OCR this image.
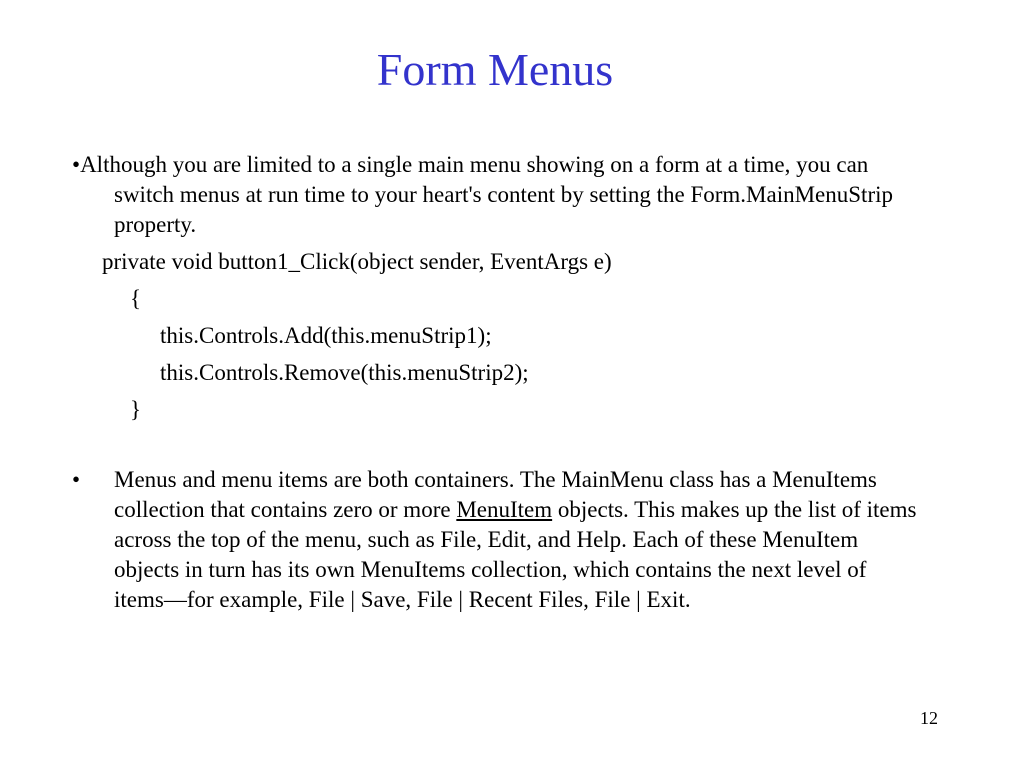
Form Menus

•Although you are limited to a single main menu showing on a form at a time, you can switch menus at run time to your heart's content by setting the Form.MainMenuStrip property.

private void button1_Click(object sender, EventArgs e)

{

this.Controls.Add(this.menuStrip1);

this.Controls.Remove(this.menuStrip2);

}

• Menus and menu items are both containers. The MainMenu class has a MenuItems collection that contains zero or more MenuItem objects. This makes up the list of items across the top of the menu, such as File, Edit, and Help. Each of these MenuItem objects in turn has its own MenuItems collection, which contains the next level of items—for example, File | Save, File | Recent Files, File | Exit.
12
